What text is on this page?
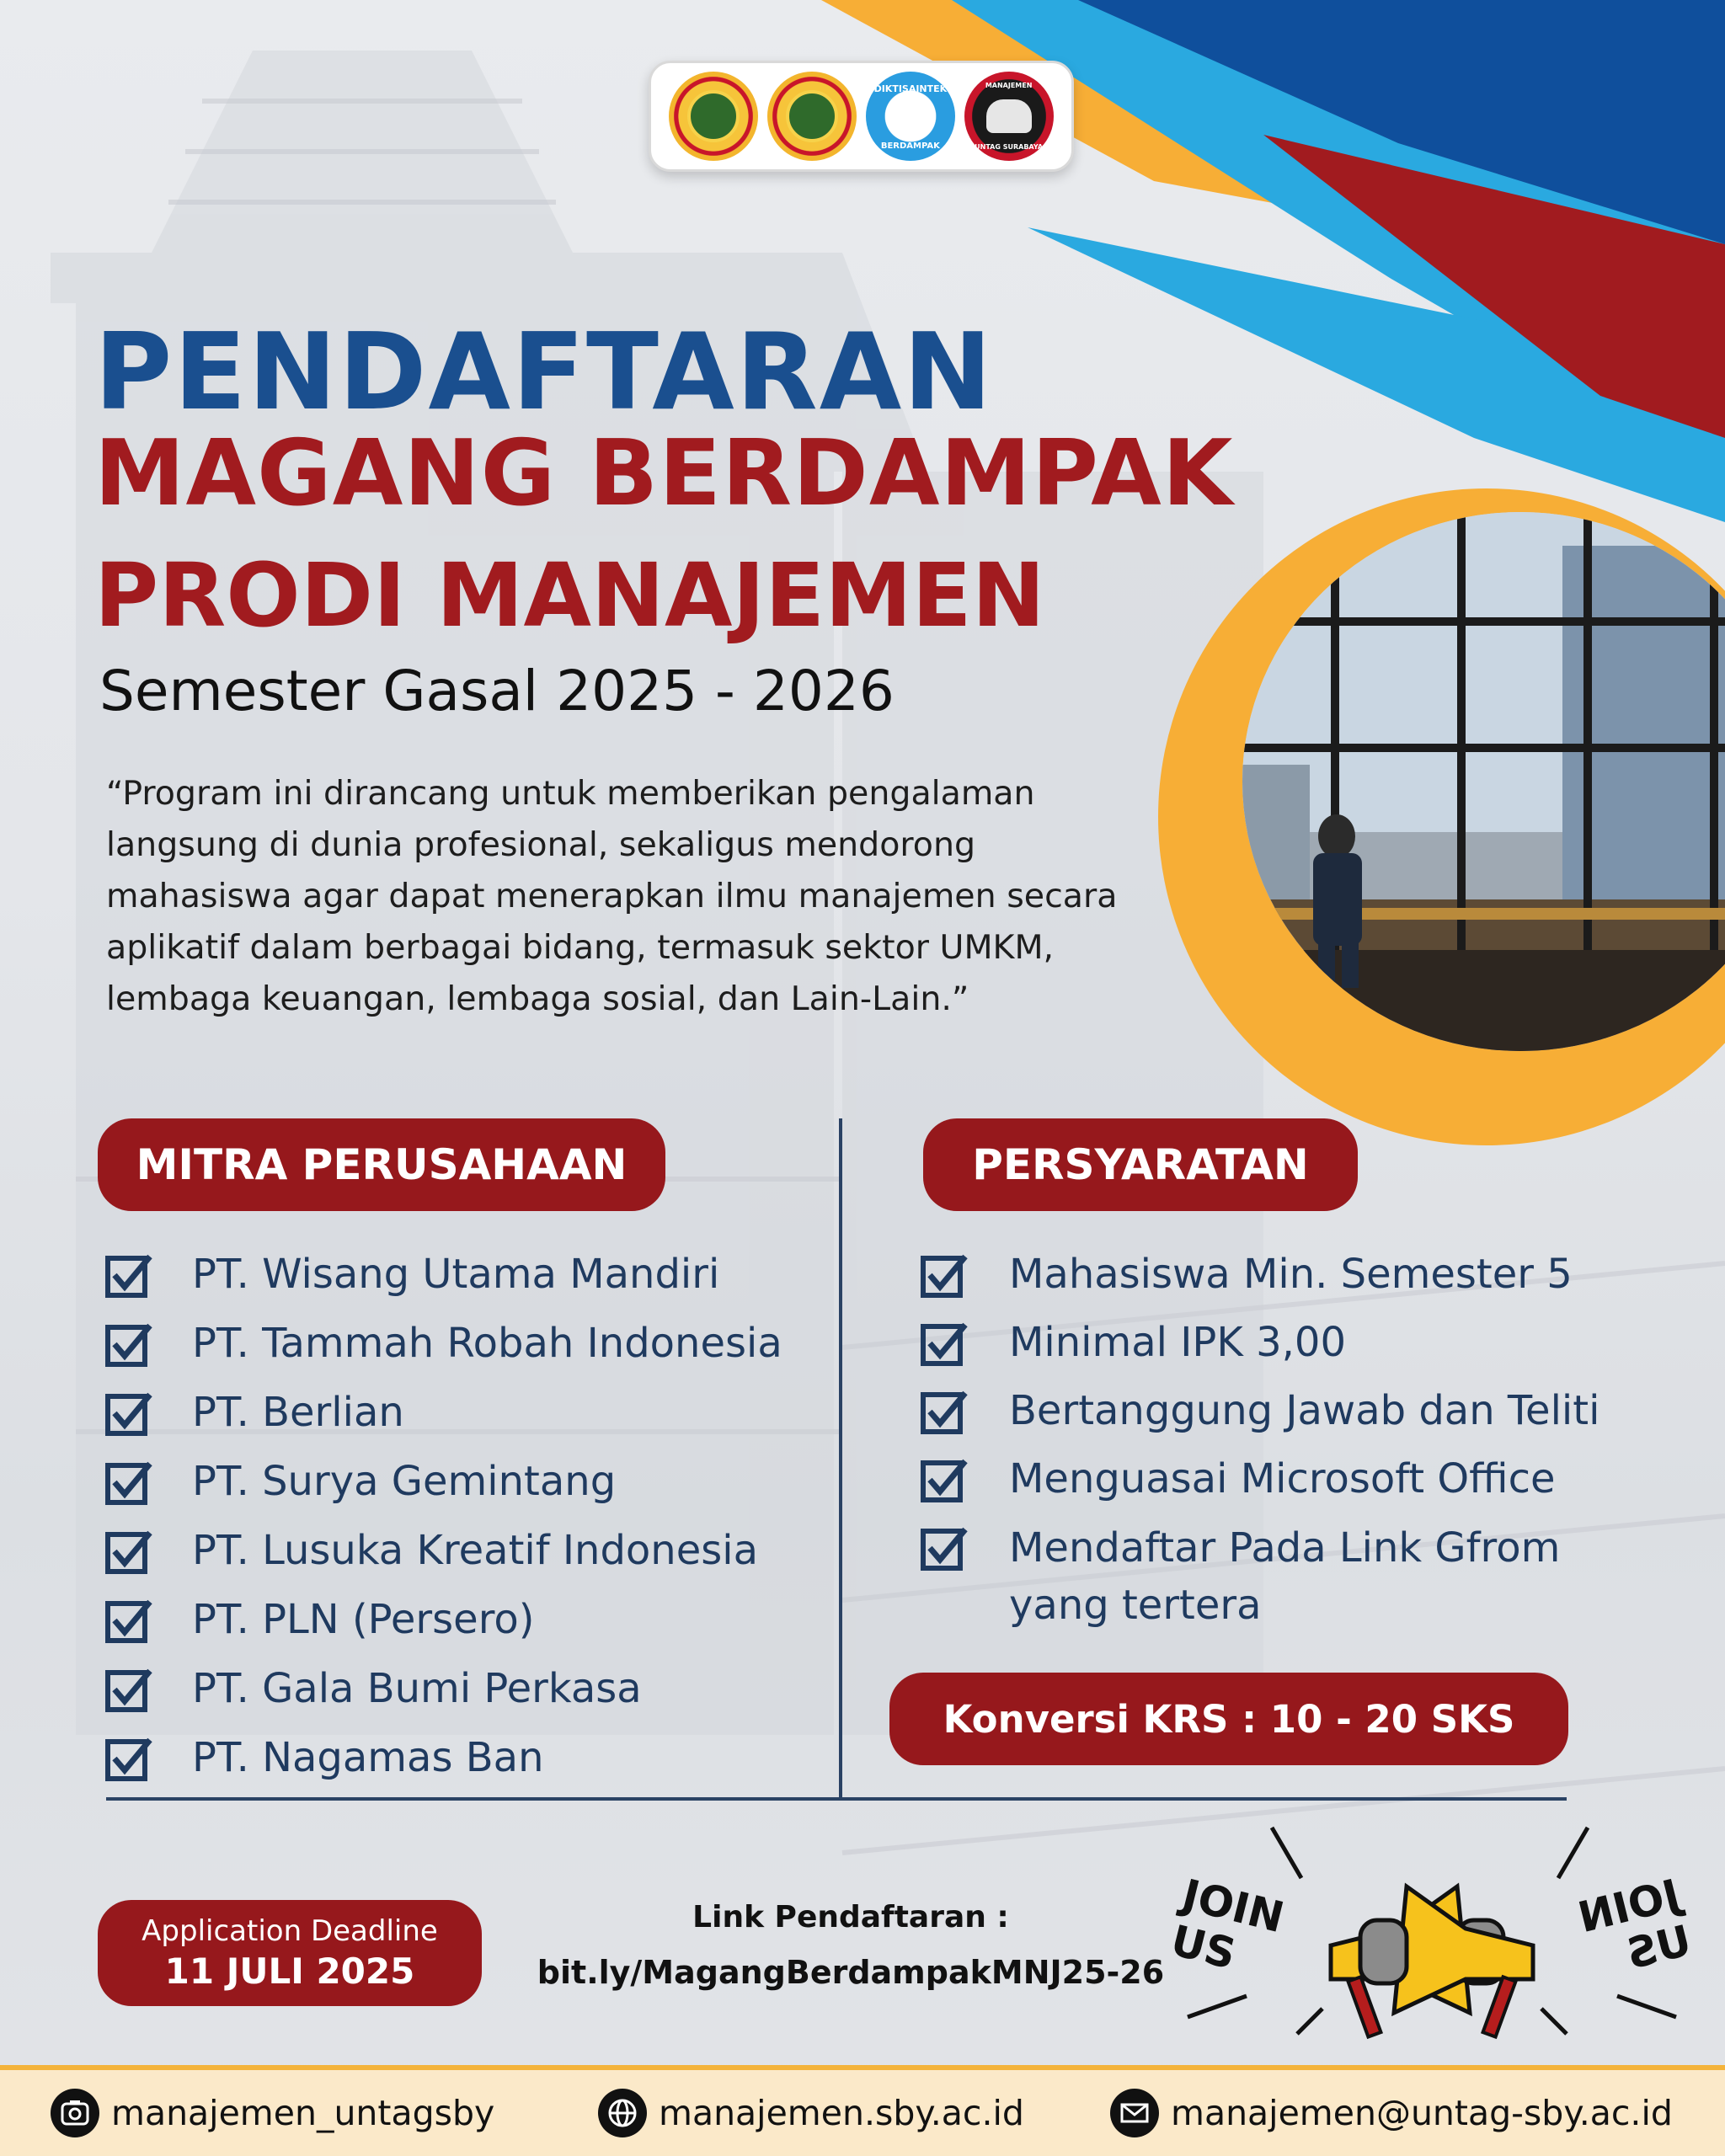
DIKTISAINTEK
BERDAMPAK
MANAJEMEN
UNTAG SURABAYA
PENDAFTARAN
MAGANG BERDAMPAK
PRODI MANAJEMEN
Semester Gasal 2025 - 2026
“Program ini dirancang untuk memberikan pengalaman langsung di dunia profesional, sekaligus mendorong mahasiswa agar dapat menerapkan ilmu manajemen secara aplikatif dalam berbagai bidang, termasuk sektor UMKM, lembaga keuangan, lembaga sosial, dan Lain-Lain.”
MITRA PERUSAHAAN	PERSYARATAN
PT. Wisang Utama Mandiri
PT. Tammah Robah Indonesia
PT. Berlian
PT. Surya Gemintang
PT. Lusuka Kreatif Indonesia
PT. PLN (Persero)
PT. Gala Bumi Perkasa
PT. Nagamas Ban
Mahasiswa Min. Semester 5
Minimal IPK 3,00
Bertanggung Jawab dan Teliti
Menguasai Microsoft Office
Mendaftar Pada Link Gfrom yang tertera
Konversi KRS : 10 - 20 SKS
Application Deadline
11 JULI 2025
Link Pendaftaran :
bit.ly/MagangBerdampakMNJ25-26
JOIN US
JOIN US
manajemen_untagsby	manajemen.sby.ac.id	manajemen@untag-sby.ac.id
